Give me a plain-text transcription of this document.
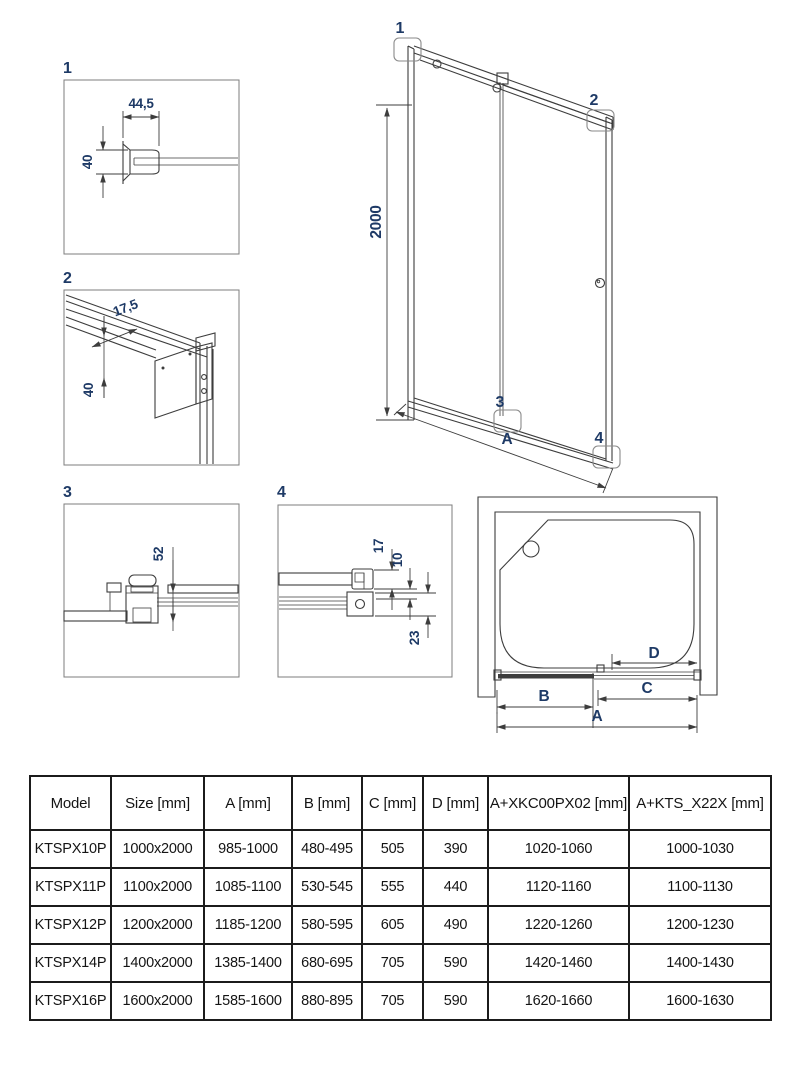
1
44,5
40
2
17,5
40
3
52
4
17
10
23
2000
A
1
2
3
4
D
C
B
A
Model	Size [mm]	A [mm]	B [mm]	C [mm]	D [mm]	A+XKC00PX02 [mm]	A+KTS_X22X [mm]
KTSPX10P	1000x2000	985-1000	480-495	505	390	1020-1060	1000-1030
KTSPX11P	1100x2000	1085-1100	530-545	555	440	1120-1160	1100-1130
KTSPX12P	1200x2000	1185-1200	580-595	605	490	1220-1260	1200-1230
KTSPX14P	1400x2000	1385-1400	680-695	705	590	1420-1460	1400-1430
KTSPX16P	1600x2000	1585-1600	880-895	705	590	1620-1660	1600-1630
